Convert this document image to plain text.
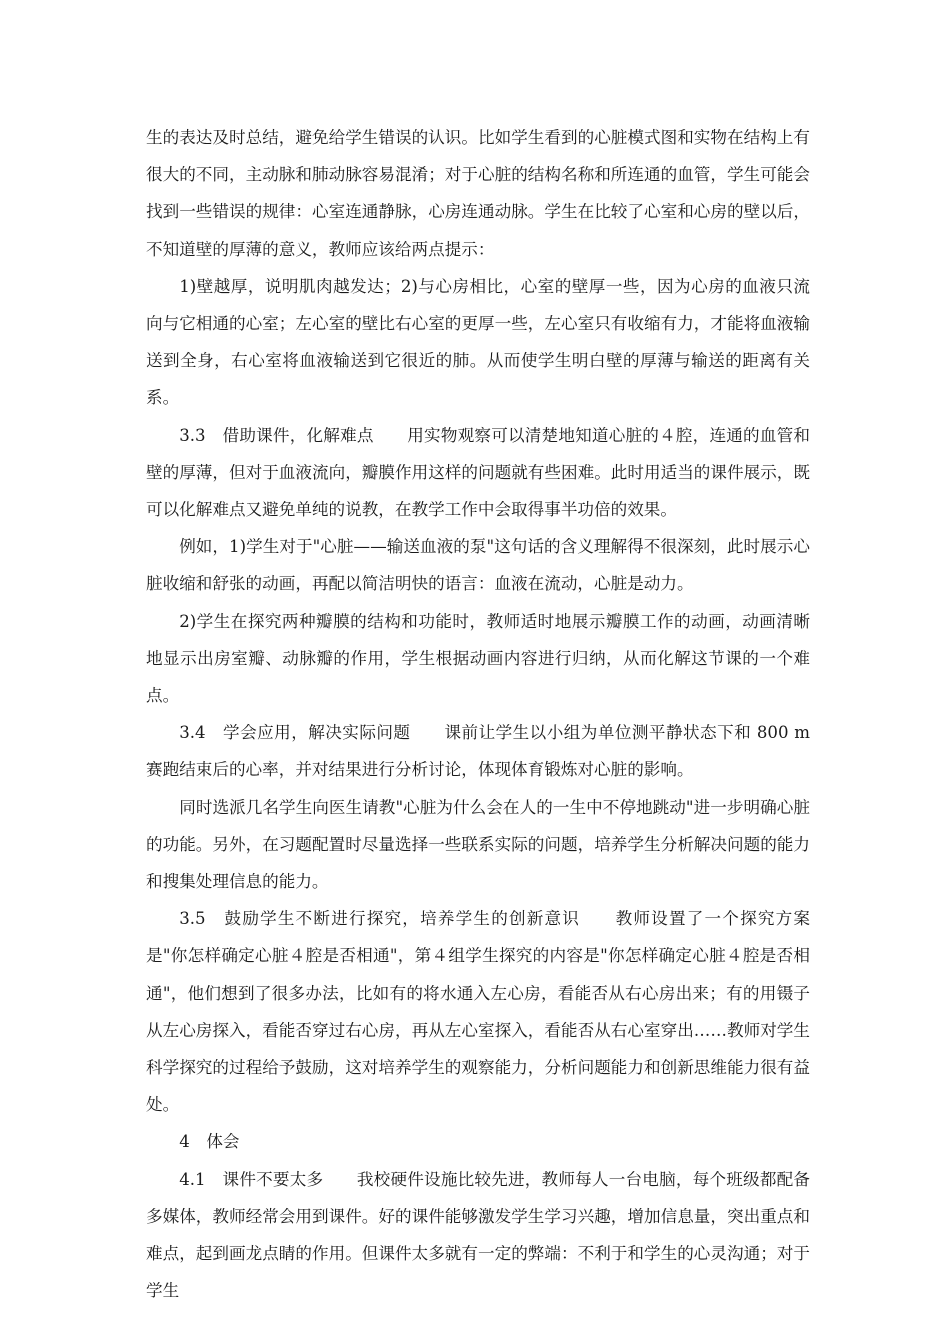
生的表达及时总结，避免给学生错误的认识。比如学生看到的心脏模式图和实物在结构上有很大的不同，主动脉和肺动脉容易混淆；对于心脏的结构名称和所连通的血管，学生可能会找到一些错误的规律：心室连通静脉，心房连通动脉。学生在比较了心室和心房的壁以后，不知道壁的厚薄的意义，教师应该给两点提示：

1)壁越厚，说明肌肉越发达；2)与心房相比，心室的壁厚一些，因为心房的血液只流向与它相通的心室；左心室的壁比右心室的更厚一些，左心室只有收缩有力，才能将血液输送到全身，右心室将血液输送到它很近的肺。从而使学生明白壁的厚薄与输送的距离有关系。

3.3　借助课件，化解难点　　用实物观察可以清楚地知道心脏的４腔，连通的血管和壁的厚薄，但对于血液流向，瓣膜作用这样的问题就有些困难。此时用适当的课件展示，既可以化解难点又避免单纯的说教，在教学工作中会取得事半功倍的效果。

例如，1)学生对于"心脏——输送血液的泵"这句话的含义理解得不很深刻，此时展示心脏收缩和舒张的动画，再配以简洁明快的语言：血液在流动，心脏是动力。

2)学生在探究两种瓣膜的结构和功能时，教师适时地展示瓣膜工作的动画，动画清晰地显示出房室瓣、动脉瓣的作用，学生根据动画内容进行归纳，从而化解这节课的一个难点。

3.4　学会应用，解决实际问题　　课前让学生以小组为单位测平静状态下和 800 m赛跑结束后的心率，并对结果进行分析讨论，体现体育锻炼对心脏的影响。

同时选派几名学生向医生请教"心脏为什么会在人的一生中不停地跳动"进一步明确心脏的功能。另外，在习题配置时尽量选择一些联系实际的问题，培养学生分析解决问题的能力和搜集处理信息的能力。

3.5　鼓励学生不断进行探究，培养学生的创新意识　　教师设置了一个探究方案是"你怎样确定心脏４腔是否相通"，第４组学生探究的内容是"你怎样确定心脏４腔是否相通"，他们想到了很多办法，比如有的将水通入左心房，看能否从右心房出来；有的用镊子从左心房探入，看能否穿过右心房，再从左心室探入，看能否从右心室穿出……教师对学生科学探究的过程给予鼓励，这对培养学生的观察能力，分析问题能力和创新思维能力很有益处。

4　体会

4.1　课件不要太多　　我校硬件设施比较先进，教师每人一台电脑，每个班级都配备多媒体，教师经常会用到课件。好的课件能够激发学生学习兴趣，增加信息量，突出重点和难点，起到画龙点睛的作用。但课件太多就有一定的弊端：不利于和学生的心灵沟通；对于学生
